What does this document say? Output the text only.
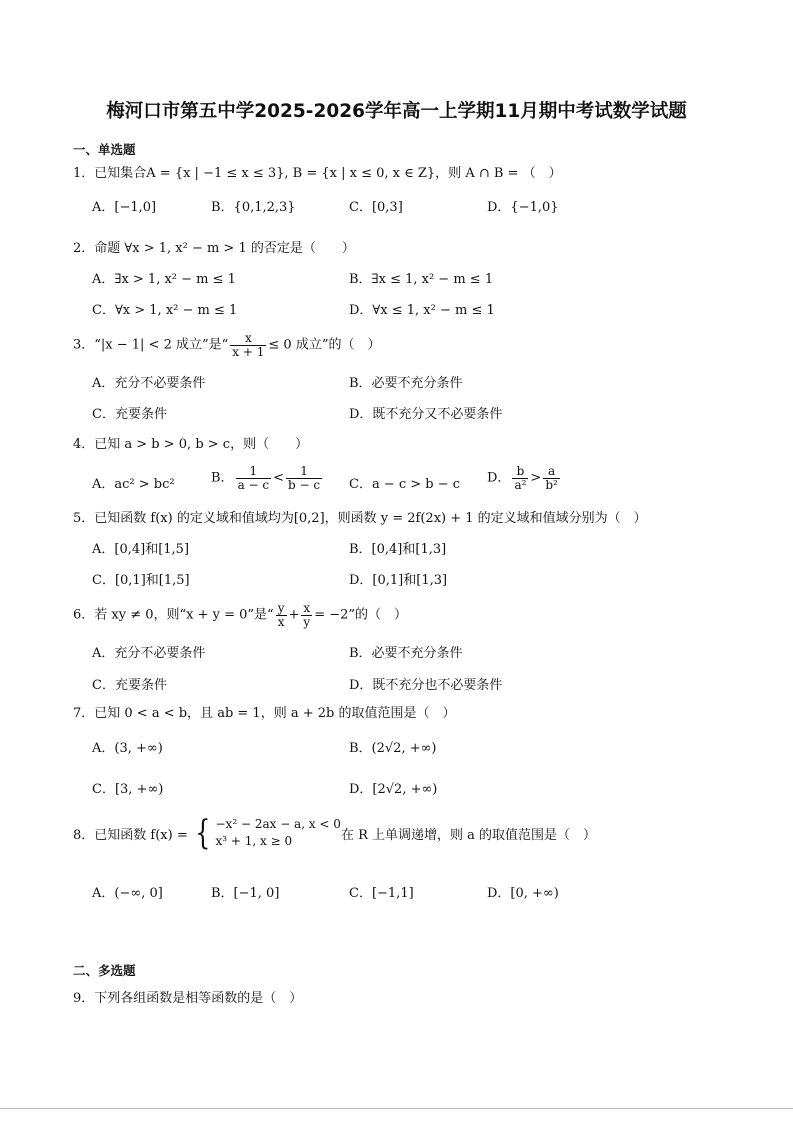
梅河口市第五中学2025-2026学年高一上学期11月期中考试数学试题
一、单选题
1．已知集合A = {x | −1 ≤ x ≤ 3}, B = {x | x ≤ 0, x ∈ Z}，则 A ∩ B = （　）
A．[−1,0]	B．{0,1,2,3}	C．[0,3]	D．{−1,0}
2．命题 ∀x > 1, x² − m > 1 的否定是（　　）
A．∃x > 1, x² − m ≤ 1	B．∃x ≤ 1, x² − m ≤ 1
C．∀x > 1, x² − m ≤ 1	D．∀x ≤ 1, x² − m ≤ 1
3．“|x − 1| < 2 成立”是“ $\frac{x}{x + 1} \le 0$ 成立”的（　）
A．充分不必要条件	B．必要不充分条件
C．充要条件	D．既不充分又不必要条件
4．已知 a > b > 0, b > c，则（　　）
A．ac² > bc²	B． $\frac{1}{a - c} < \frac{1}{b - c}$ C．a − c > b − c D． $\frac{b}{\text{a²}} > \frac{a}{\text{b²}}$
5．已知函数 f(x) 的定义域和值域均为[0,2]，则函数 y = 2f(2x) + 1 的定义域和值域分别为（　）
A．[0,4]和[1,5]	B．[0,4]和[1,3]
C．[0,1]和[1,5]	D．[0,1]和[1,3]
6．若 xy ≠ 0，则“x + y = 0”是“ $\frac{y}{x} + \frac{x}{y} = -2$”的（　）
A．充分不必要条件	B．必要不充分条件
C．充要条件	D．既不充分也不必要条件
7．已知 0 < a < b，且 ab = 1，则 a + 2b 的取值范围是（　）
A．(3, +∞)	B．(2√2, +∞)
C．[3, +∞)	D．[2√2, +∞)
8．已知函数 f(x) = { −x² − 2ax − a, x < 0
x³ + 1, x ≥ 0	在 R 上单调递增，则 a 的取值范围是（　）
A．(−∞, 0]	B．[−1, 0]	C．[−1,1]	D．[0, +∞)
二、多选题
9．下列各组函数是相等函数的是（　）
